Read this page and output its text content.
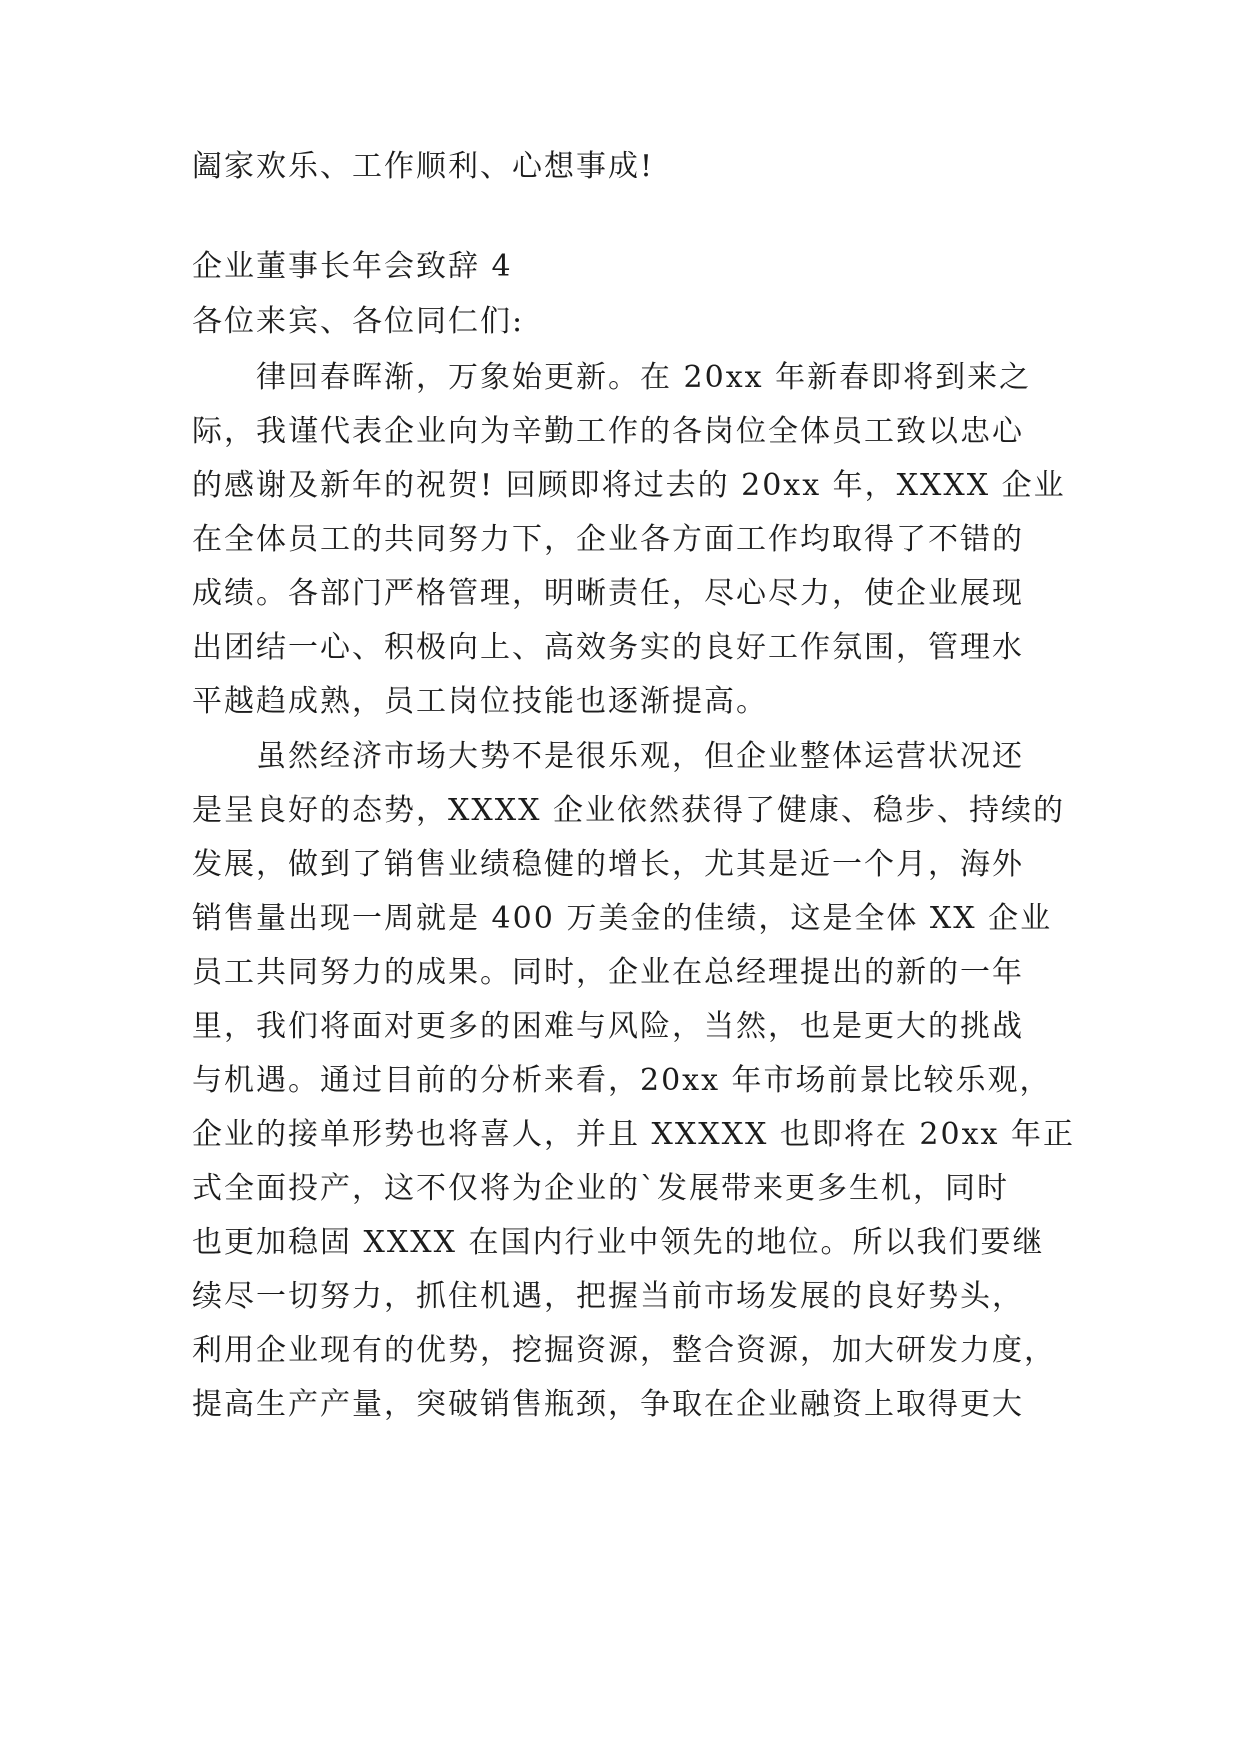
阖家欢乐、工作顺利、心想事成!
企业董事长年会致辞 4
各位来宾、各位同仁们:
律回春晖渐，万象始更新。在 20xx 年新春即将到来之
际，我谨代表企业向为辛勤工作的各岗位全体员工致以忠心
的感谢及新年的祝贺! 回顾即将过去的 20xx 年，XXXX 企业
在全体员工的共同努力下，企业各方面工作均取得了不错的
成绩。各部门严格管理，明晰责任，尽心尽力，使企业展现
出团结一心、积极向上、高效务实的良好工作氛围，管理水
平越趋成熟，员工岗位技能也逐渐提高。
虽然经济市场大势不是很乐观，但企业整体运营状况还
是呈良好的态势，XXXX 企业依然获得了健康、稳步、持续的
发展，做到了销售业绩稳健的增长，尤其是近一个月，海外
销售量出现一周就是 400 万美金的佳绩，这是全体 XX 企业
员工共同努力的成果。同时，企业在总经理提出的新的一年
里，我们将面对更多的困难与风险，当然，也是更大的挑战
与机遇。通过目前的分析来看，20xx 年市场前景比较乐观，
企业的接单形势也将喜人，并且 XXXXX 也即将在 20xx 年正
式全面投产，这不仅将为企业的`发展带来更多生机，同时
也更加稳固 XXXX 在国内行业中领先的地位。所以我们要继
续尽一切努力，抓住机遇，把握当前市场发展的良好势头，
利用企业现有的优势，挖掘资源，整合资源，加大研发力度，
提高生产产量，突破销售瓶颈，争取在企业融资上取得更大
